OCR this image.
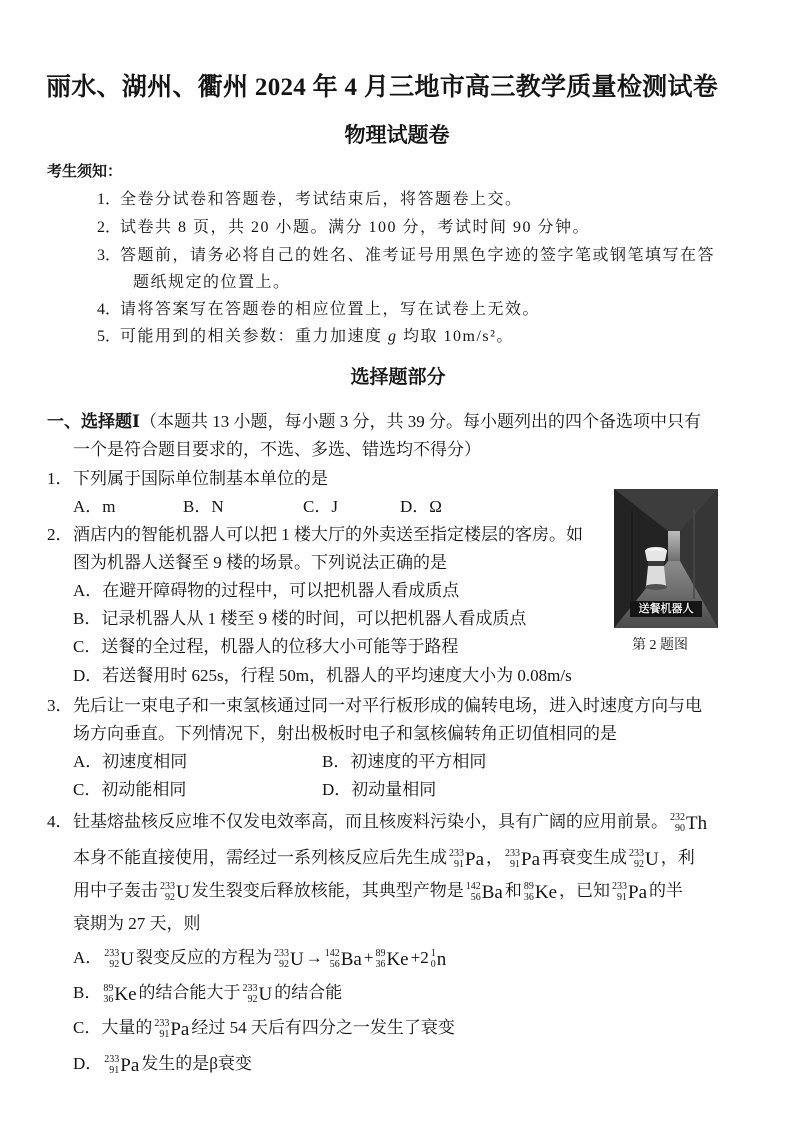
丽水、湖州、衢州 2024 年 4 月三地市高三教学质量检测试卷
物理试题卷
考生须知：
1．全卷分试卷和答题卷，考试结束后，将答题卷上交。
2．试卷共 8 页，共 20 小题。满分 100 分，考试时间 90 分钟。
3．答题前，请务必将自己的姓名、准考证号用黑色字迹的签字笔或钢笔填写在答
题纸规定的位置上。
4．请将答案写在答题卷的相应位置上，写在试卷上无效。
5．可能用到的相关参数：重力加速度 g 均取 10m/s²。
选择题部分
一、选择题Ⅰ（本题共 13 小题，每小题 3 分，共 39 分。每小题列出的四个备选项中只有
一个是符合题目要求的，不选、多选、错选均不得分）
1．下列属于国际单位制基本单位的是
A．m	B．N	C．J	D．Ω
2．酒店内的智能机器人可以把 1 楼大厅的外卖送至指定楼层的客房。如
图为机器人送餐至 9 楼的场景。下列说法正确的是
A．在避开障碍物的过程中，可以把机器人看成质点
B．记录机器人从 1 楼至 9 楼的时间，可以把机器人看成质点
C．送餐的全过程，机器人的位移大小可能等于路程
D．若送餐用时 625s，行程 50m，机器人的平均速度大小为 0.08m/s
送餐机器人
第 2 题图
3．先后让一束电子和一束氢核通过同一对平行板形成的偏转电场，进入时速度方向与电
场方向垂直。下列情况下，射出极板时电子和氢核偏转角正切值相同的是
A．初速度相同	B．初速度的平方相同
C．初动能相同	D．初动量相同
4．钍基熔盐核反应堆不仅发电效率高，而且核废料污染小，具有广阔的应用前景。 232
90 Th
本身不能直接使用，需经过一系列核反应后先生成 233
91 Pa ， 233
91 Pa 再衰变生成 233
92 U ，利
用中子轰击 233
92 U 发生裂变后释放核能，其典型产物是 142
56 Ba 和 89
36 Ke ，已知 233
91 Pa 的半
衰期为 27 天，则
A． 233
92 U 裂变反应的方程为 233
92 U → 142
56 Ba + 89
36 Ke +2 1
0 n
B． 89
36 Ke 的结合能大于 233
92 U 的结合能
C．大量的 233
91 Pa 经过 54 天后有四分之一发生了衰变
D． 233
91 Pa 发生的是β衰变
